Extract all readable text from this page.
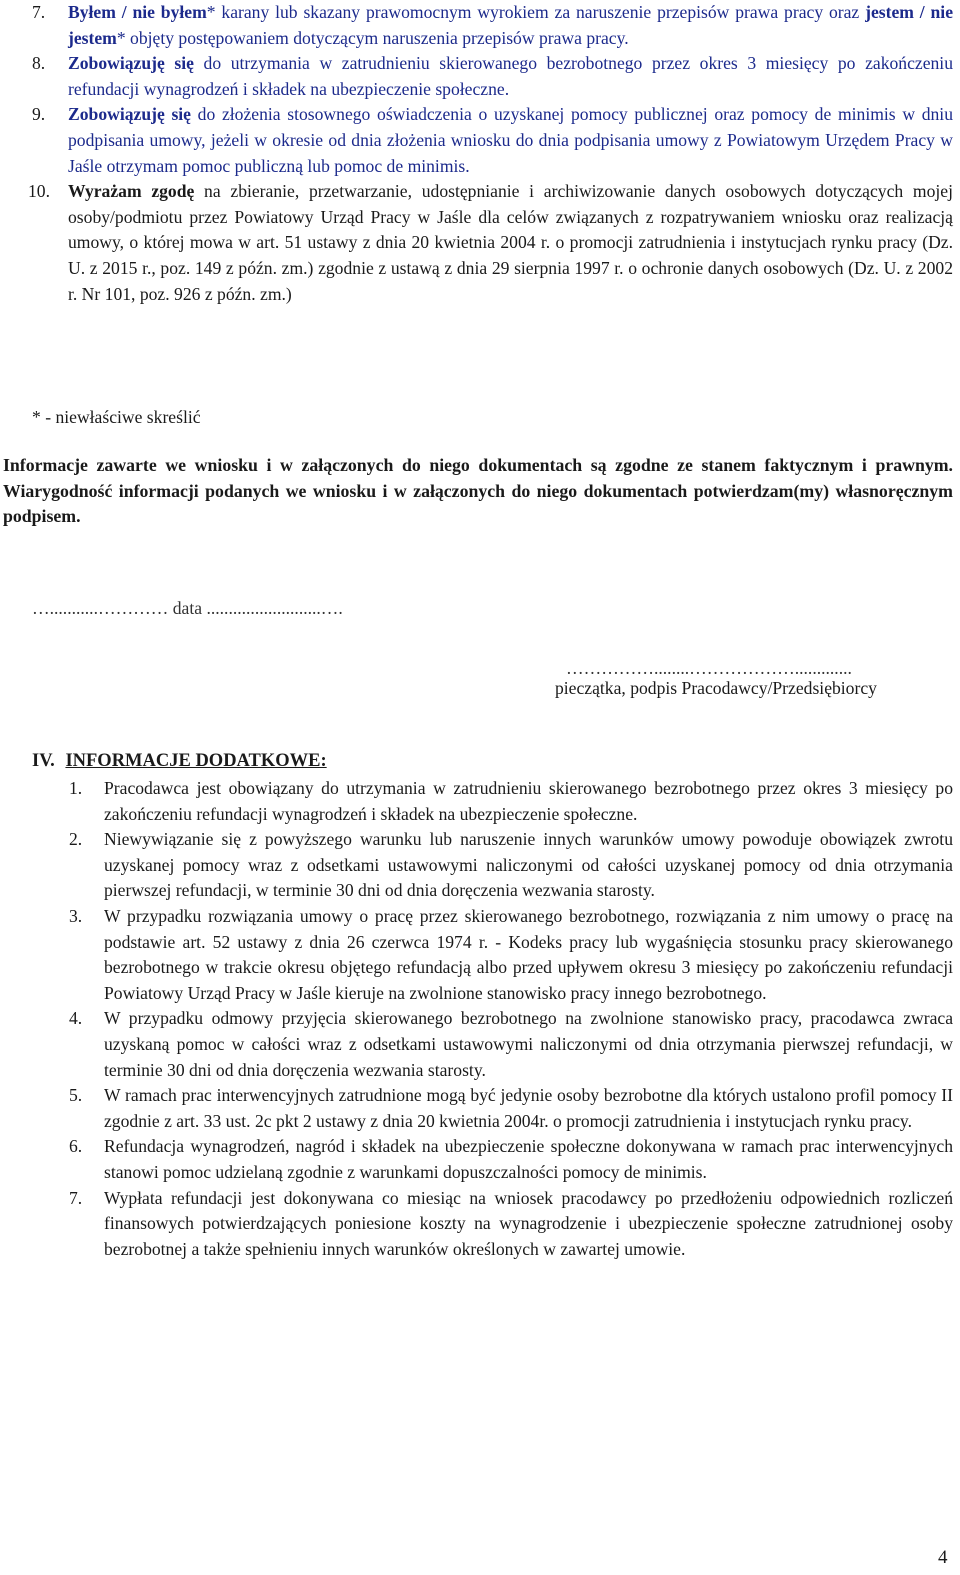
7. Byłem / nie byłem* karany lub skazany prawomocnym wyrokiem za naruszenie przepisów prawa pracy oraz jestem / nie jestem* objęty postępowaniem dotyczącym naruszenia przepisów prawa pracy.
8. Zobowiązuję się do utrzymania w zatrudnieniu skierowanego bezrobotnego przez okres 3 miesięcy po zakończeniu refundacji wynagrodzeń i składek na ubezpieczenie społeczne.
9. Zobowiązuję się do złożenia stosownego oświadczenia o uzyskanej pomocy publicznej oraz pomocy de minimis w dniu podpisania umowy, jeżeli w okresie od dnia złożenia wniosku do dnia podpisania umowy z Powiatowym Urzędem Pracy w Jaśle otrzymam pomoc publiczną lub pomoc de minimis.
10. Wyrażam zgodę na zbieranie, przetwarzanie, udostępnianie i archiwizowanie danych osobowych dotyczących mojej osoby/podmiotu przez Powiatowy Urząd Pracy w Jaśle dla celów związanych z rozpatrywaniem wniosku oraz realizacją umowy, o której mowa w art. 51 ustawy z dnia 20 kwietnia 2004 r. o promocji zatrudnienia i instytucjach rynku pracy (Dz. U. z 2015 r., poz. 149 z późn. zm.) zgodnie z ustawą z dnia 29 sierpnia 1997 r. o ochronie danych osobowych (Dz. U. z 2002 r. Nr 101, poz. 926 z późn. zm.)
* - niewłaściwe skreślić
Informacje zawarte we wniosku i w załączonych do niego dokumentach są zgodne ze stanem faktycznym i prawnym. Wiarygodność informacji podanych we wniosku i w załączonych do niego dokumentach potwierdzam(my) własnoręcznym podpisem.
…...........………… data ..........................….
……………........……………….............
pieczątka, podpis Pracodawcy/Przedsiębiorcy
IV. INFORMACJE DODATKOWE:
1. Pracodawca jest obowiązany do utrzymania w zatrudnieniu skierowanego bezrobotnego przez okres 3 miesięcy po zakończeniu refundacji wynagrodzeń i składek na ubezpieczenie społeczne.
2. Niewywiązanie się z powyższego warunku lub naruszenie innych warunków umowy powoduje obowiązek zwrotu uzyskanej pomocy wraz z odsetkami ustawowymi naliczonymi od całości uzyskanej pomocy od dnia otrzymania pierwszej refundacji, w terminie 30 dni od dnia doręczenia wezwania starosty.
3. W przypadku rozwiązania umowy o pracę przez skierowanego bezrobotnego, rozwiązania z nim umowy o pracę na podstawie art. 52 ustawy z dnia 26 czerwca 1974 r. - Kodeks pracy lub wygaśnięcia stosunku pracy skierowanego bezrobotnego w trakcie okresu objętego refundacją albo przed upływem okresu 3 miesięcy po zakończeniu refundacji Powiatowy Urząd Pracy w Jaśle kieruje na zwolnione stanowisko pracy innego bezrobotnego.
4. W przypadku odmowy przyjęcia skierowanego bezrobotnego na zwolnione stanowisko pracy, pracodawca zwraca uzyskaną pomoc w całości wraz z odsetkami ustawowymi naliczonymi od dnia otrzymania pierwszej refundacji, w terminie 30 dni od dnia doręczenia wezwania starosty.
5. W ramach prac interwencyjnych zatrudnione mogą być jedynie osoby bezrobotne dla których ustalono profil pomocy II zgodnie z art. 33 ust. 2c pkt 2 ustawy z dnia 20 kwietnia 2004r. o promocji zatrudnienia i instytucjach rynku pracy.
6. Refundacja wynagrodzeń, nagród i składek na ubezpieczenie społeczne dokonywana w ramach prac interwencyjnych stanowi pomoc udzielaną zgodnie z warunkami dopuszczalności pomocy de minimis.
7. Wypłata refundacji jest dokonywana co miesiąc na wniosek pracodawcy po przedłożeniu odpowiednich rozliczeń finansowych potwierdzających poniesione koszty na wynagrodzenie i ubezpieczenie społeczne zatrudnionej osoby bezrobotnej a także spełnieniu innych warunków określonych w zawartej umowie.
4
